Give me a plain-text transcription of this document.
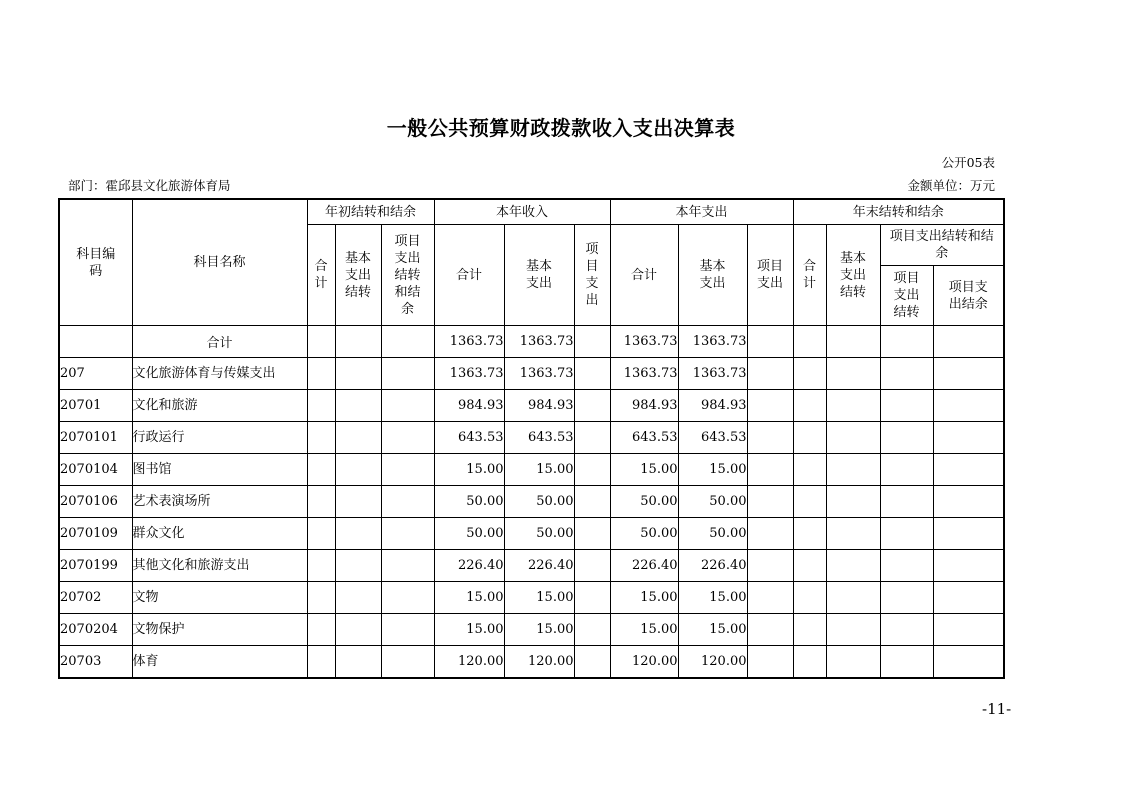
一般公共预算财政拨款收入支出决算表
公开05表
部门：霍邱县文化旅游体育局	金额单位：万元
科目编码	科目名称	年初结转和结余			本年收入			本年支出			年末结转和结余			
		合计	基本支出结转	项目支出结转和结余	合计	基本支出	项目支出	合计	基本支出	项目支出	合计	基本支出结转	项目支出结转和结余	
													项目支出结转	项目支出结余
	合计				1363.73	1363.73		1363.73	1363.73					
207	文化旅游体育与传媒支出				1363.73	1363.73		1363.73	1363.73					
20701	文化和旅游				984.93	984.93		984.93	984.93					
2070101	行政运行				643.53	643.53		643.53	643.53					
2070104	图书馆				15.00	15.00		15.00	15.00					
2070106	艺术表演场所				50.00	50.00		50.00	50.00					
2070109	群众文化				50.00	50.00		50.00	50.00					
2070199	其他文化和旅游支出				226.40	226.40		226.40	226.40					
20702	文物				15.00	15.00		15.00	15.00					
2070204	文物保护				15.00	15.00		15.00	15.00					
20703	体育				120.00	120.00		120.00	120.00					
-11-
